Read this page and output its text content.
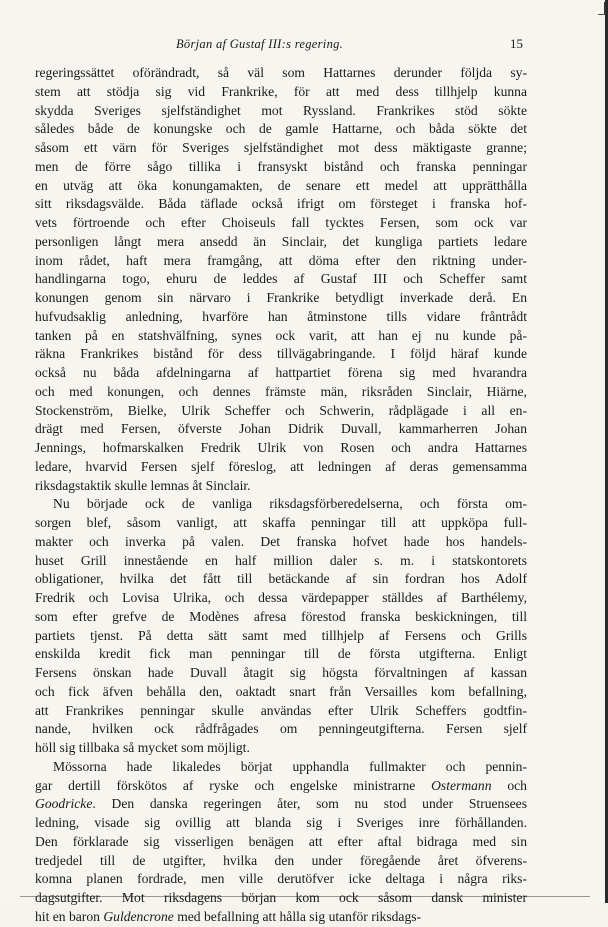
Början af Gustaf III:s regering.	15
regeringssättet oförändradt, så väl som Hattarnes derunder följda sy-
stem att stödja sig vid Frankrike, för att med dess tillhjelp kunna
skydda Sveriges sjelfständighet mot Ryssland. Frankrikes stöd sökte
således både de konungske och de gamle Hattarne, och båda sökte det
såsom ett värn för Sveriges sjelfständighet mot dess mäktigaste granne;
men de förre sågo tillika i fransyskt bistånd och franska penningar
en utväg att öka konungamakten, de senare ett medel att upprätthålla
sitt riksdagsvälde. Båda täflade också ifrigt om försteget i franska hof-
vets förtroende och efter Choiseuls fall tycktes Fersen, som ock var
personligen långt mera ansedd än Sinclair, det kungliga partiets ledare
inom rådet, haft mera framgång, att döma efter den riktning under-
handlingarna togo, ehuru de leddes af Gustaf III och Scheffer samt
konungen genom sin närvaro i Frankrike betydligt inverkade derå. En
hufvudsaklig anledning, hvarföre han åtminstone tills vidare fråntrådt
tanken på en statshvälfning, synes ock varit, att han ej nu kunde på-
räkna Frankrikes bistånd för dess tillvägabringande. I följd häraf kunde
också nu båda afdelningarna af hattpartiet förena sig med hvarandra
och med konungen, och dennes främste män, riksråden Sinclair, Hiärne,
Stockenström, Bielke, Ulrik Scheffer och Schwerin, rådplägade i all en-
drägt med Fersen, öfverste Johan Didrik Duvall, kammarherren Johan
Jennings, hofmarskalken Fredrik Ulrik von Rosen och andra Hattarnes
ledare, hvarvid Fersen sjelf föreslog, att ledningen af deras gemensamma
riksdagstaktik skulle lemnas åt Sinclair.
Nu började ock de vanliga riksdagsförberedelserna, och första om-
sorgen blef, såsom vanligt, att skaffa penningar till att uppköpa full-
makter och inverka på valen. Det franska hofvet hade hos handels-
huset Grill innestående en half million daler s. m. i statskontorets
obligationer, hvilka det fått till betäckande af sin fordran hos Adolf
Fredrik och Lovisa Ulrika, och dessa värdepapper ställdes af Barthélemy,
som efter grefve de Modènes afresa förestod franska beskickningen, till
partiets tjenst. På detta sätt samt med tillhjelp af Fersens och Grills
enskilda kredit fick man penningar till de första utgifterna. Enligt
Fersens önskan hade Duvall åtagit sig högsta förvaltningen af kassan
och fick äfven behålla den, oaktadt snart från Versailles kom befallning,
att Frankrikes penningar skulle användas efter Ulrik Scheffers godtfin-
nande, hvilken ock rådfrågades om penningeutgifterna. Fersen sjelf
höll sig tillbaka så mycket som möjligt.
Mössorna hade likaledes börjat upphandla fullmakter och pennin-
gar dertill förskötos af ryske och engelske ministrarne Ostermann och
Goodricke. Den danska regeringen åter, som nu stod under Struensees
ledning, visade sig ovillig att blanda sig i Sveriges inre förhållanden.
Den förklarade sig visserligen benägen att efter aftal bidraga med sin
tredjedel till de utgifter, hvilka den under föregående året öfverens-
komna planen fordrade, men ville derutöfver icke deltaga i några riks-
dagsutgifter. Mot riksdagens början kom ock såsom dansk minister
hit en baron Guldencrone med befallning att hålla sig utanför riksdags-
